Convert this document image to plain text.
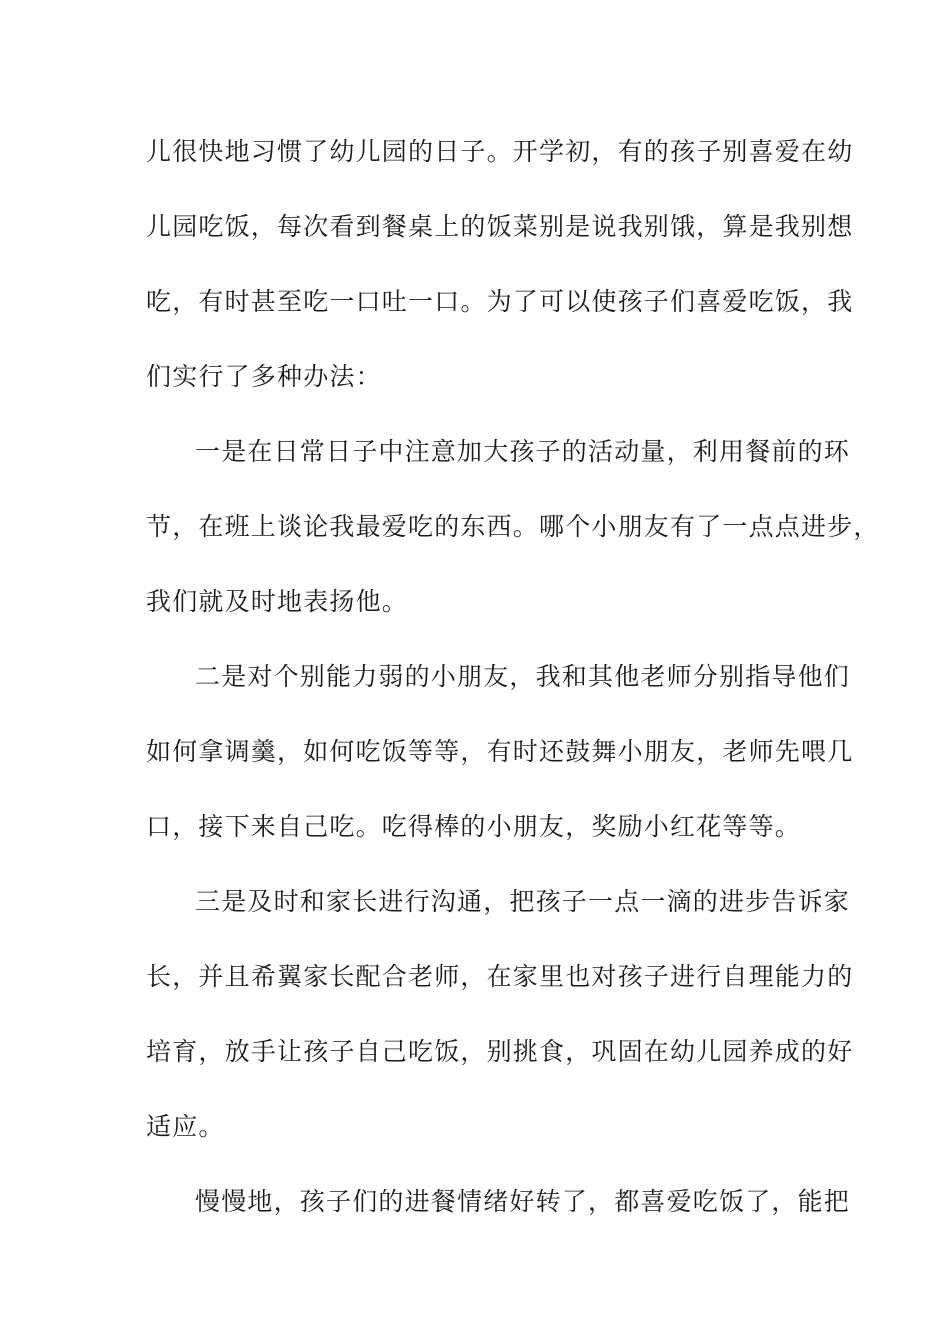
儿很快地习惯了幼儿园的日子。开学初，有的孩子别喜爱在幼
儿园吃饭，每次看到餐桌上的饭菜别是说我别饿，算是我别想
吃，有时甚至吃一口吐一口。为了可以使孩子们喜爱吃饭，我
们实行了多种办法：
一是在日常日子中注意加大孩子的活动量，利用餐前的环
节，在班上谈论我最爱吃的东西。哪个小朋友有了一点点进步，
我们就及时地表扬他。
二是对个别能力弱的小朋友，我和其他老师分别指导他们
如何拿调羹，如何吃饭等等，有时还鼓舞小朋友，老师先喂几
口，接下来自己吃。吃得棒的小朋友，奖励小红花等等。
三是及时和家长进行沟通，把孩子一点一滴的进步告诉家
长，并且希翼家长配合老师，在家里也对孩子进行自理能力的
培育，放手让孩子自己吃饭，别挑食，巩固在幼儿园养成的好
适应。
慢慢地，孩子们的进餐情绪好转了，都喜爱吃饭了，能把
